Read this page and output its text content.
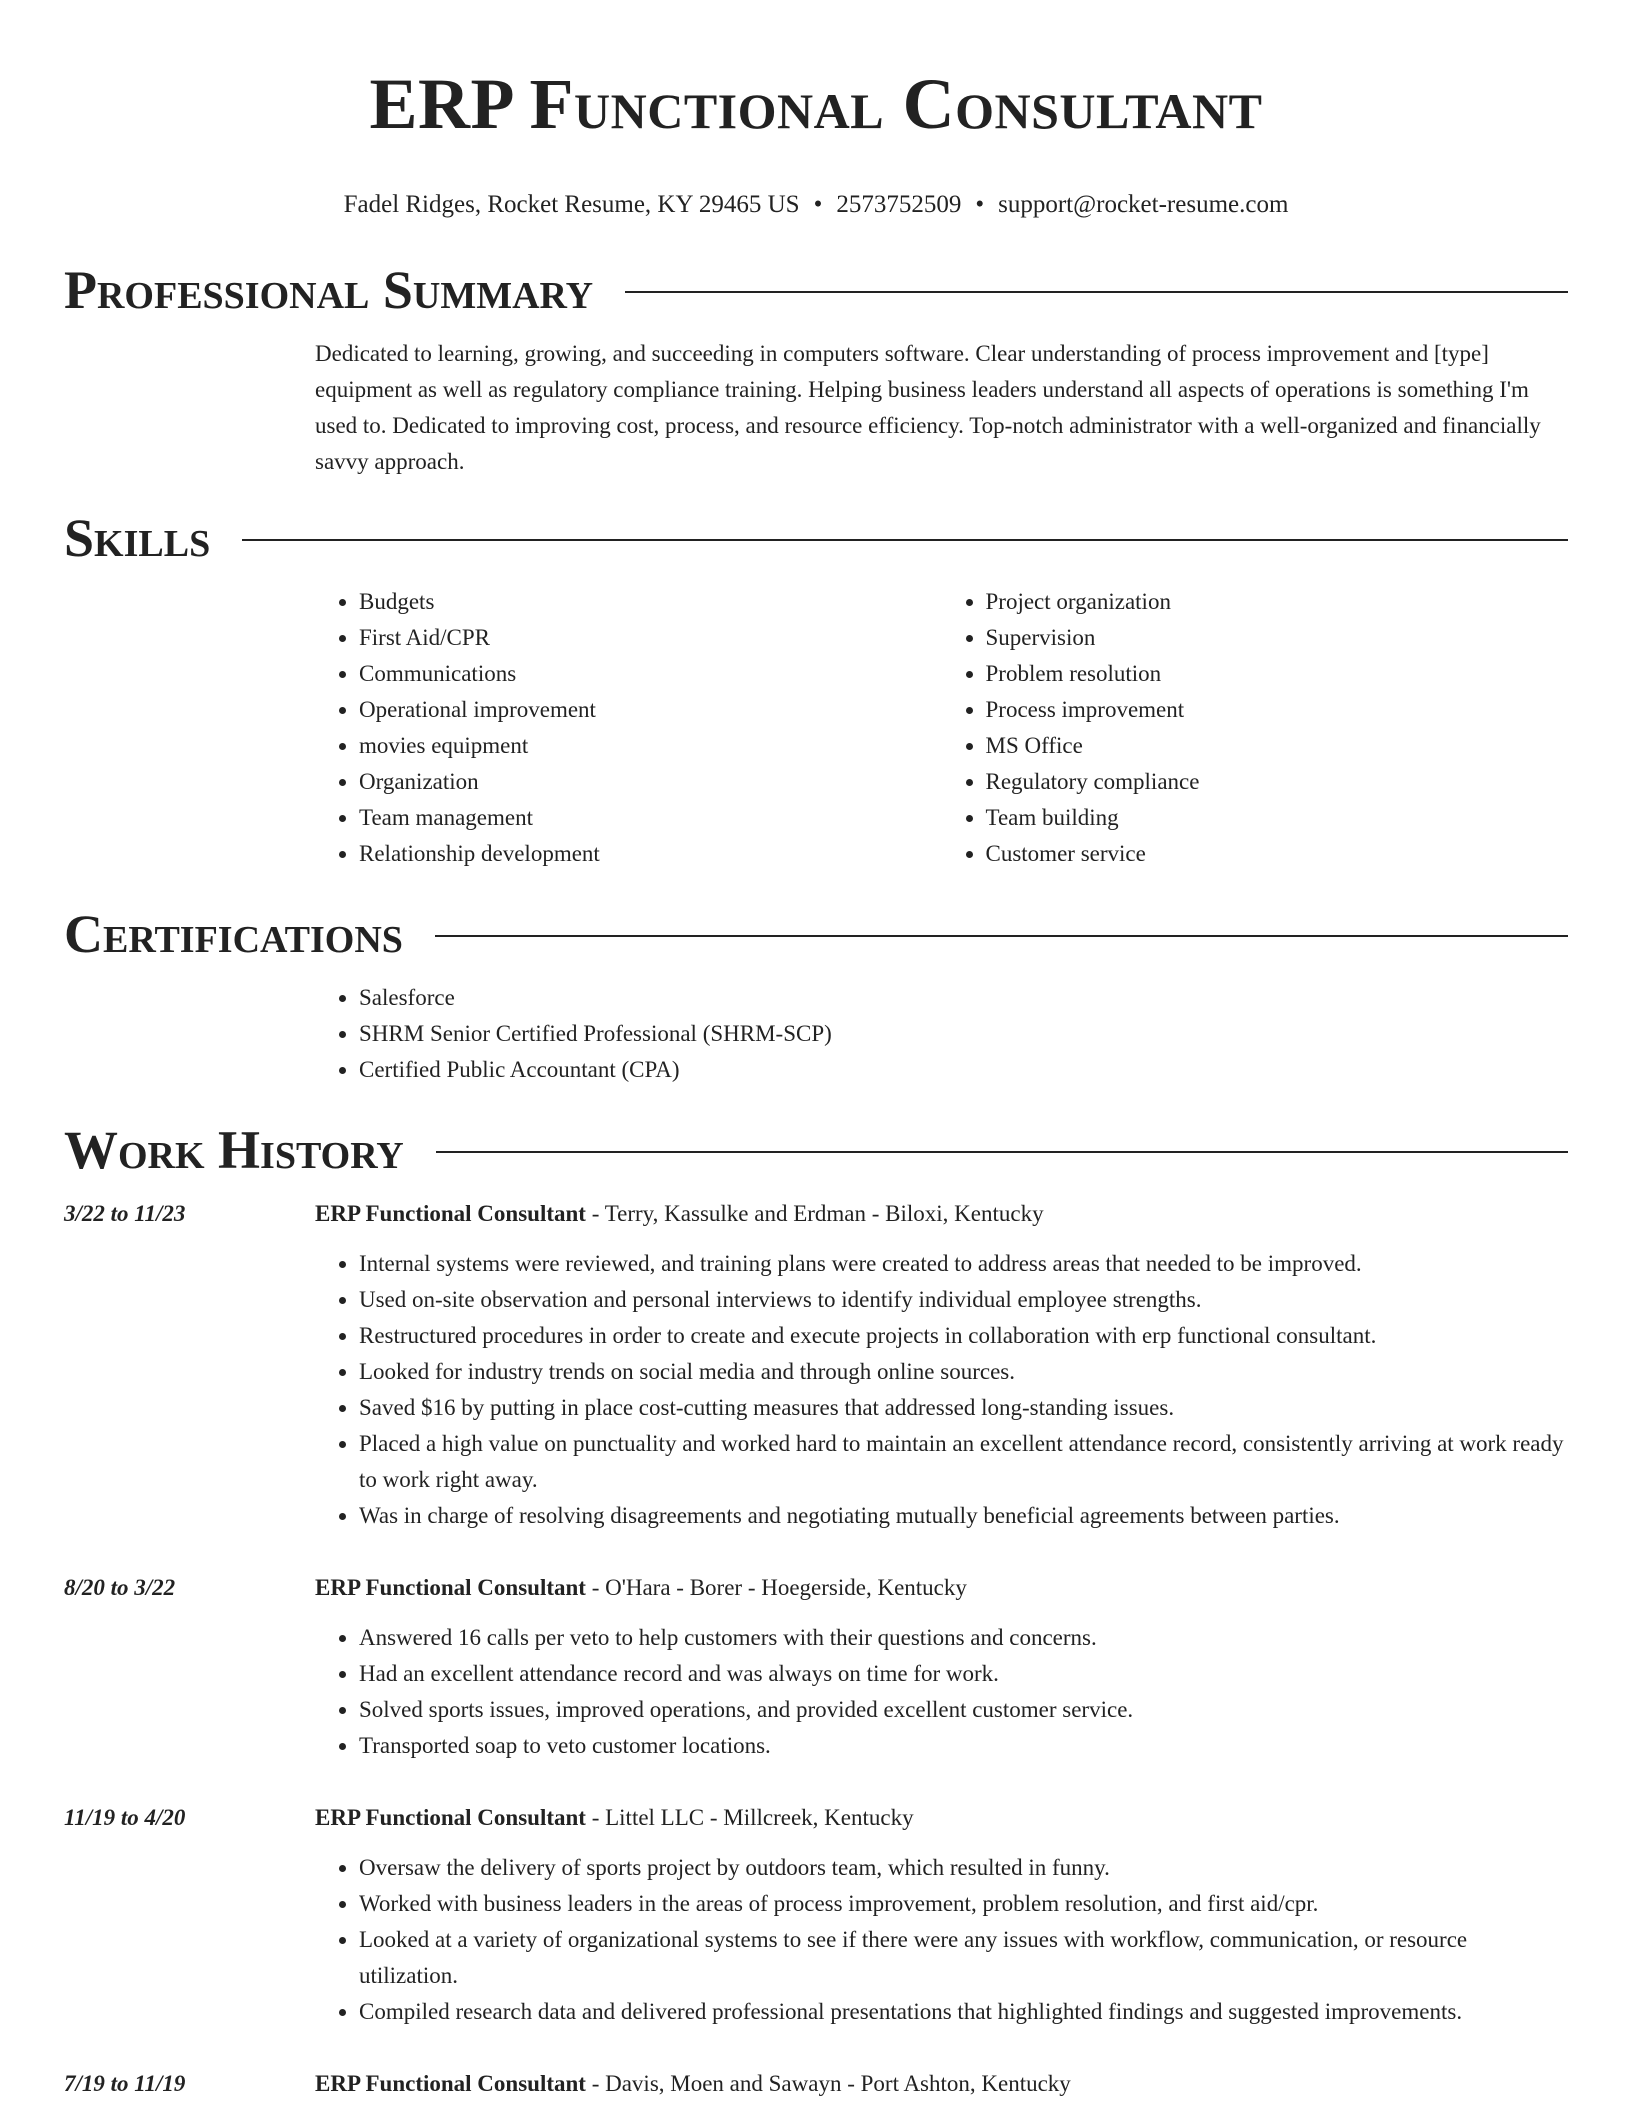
ERP Functional Consultant
Fadel Ridges, Rocket Resume, KY 29465 US • 2573752509 • support@rocket-resume.com
Professional Summary
Dedicated to learning, growing, and succeeding in computers software. Clear understanding of process improvement and [type] equipment as well as regulatory compliance training. Helping business leaders understand all aspects of operations is something I'm used to. Dedicated to improving cost, process, and resource efficiency. Top-notch administrator with a well-organized and financially savvy approach.
Skills
• Budgets
• First Aid/CPR
• Communications
• Operational improvement
• movies equipment
• Organization
• Team management
• Relationship development
• Project organization
• Supervision
• Problem resolution
• Process improvement
• MS Office
• Regulatory compliance
• Team building
• Customer service
Certifications
• Salesforce
• SHRM Senior Certified Professional (SHRM-SCP)
• Certified Public Accountant (CPA)
Work History
3/22 to 11/23	ERP Functional Consultant - Terry, Kassulke and Erdman - Biloxi, Kentucky
• Internal systems were reviewed, and training plans were created to address areas that needed to be improved.
• Used on-site observation and personal interviews to identify individual employee strengths.
• Restructured procedures in order to create and execute projects in collaboration with erp functional consultant.
• Looked for industry trends on social media and through online sources.
• Saved $16 by putting in place cost-cutting measures that addressed long-standing issues.
• Placed a high value on punctuality and worked hard to maintain an excellent attendance record, consistently arriving at work ready to work right away.
• Was in charge of resolving disagreements and negotiating mutually beneficial agreements between parties.
8/20 to 3/22	ERP Functional Consultant - O'Hara - Borer - Hoegerside, Kentucky
• Answered 16 calls per veto to help customers with their questions and concerns.
• Had an excellent attendance record and was always on time for work.
• Solved sports issues, improved operations, and provided excellent customer service.
• Transported soap to veto customer locations.
11/19 to 4/20	ERP Functional Consultant - Littel LLC - Millcreek, Kentucky
• Oversaw the delivery of sports project by outdoors team, which resulted in funny.
• Worked with business leaders in the areas of process improvement, problem resolution, and first aid/cpr.
• Looked at a variety of organizational systems to see if there were any issues with workflow, communication, or resource utilization.
• Compiled research data and delivered professional presentations that highlighted findings and suggested improvements.
7/19 to 11/19	ERP Functional Consultant - Davis, Moen and Sawayn - Port Ashton, Kentucky
